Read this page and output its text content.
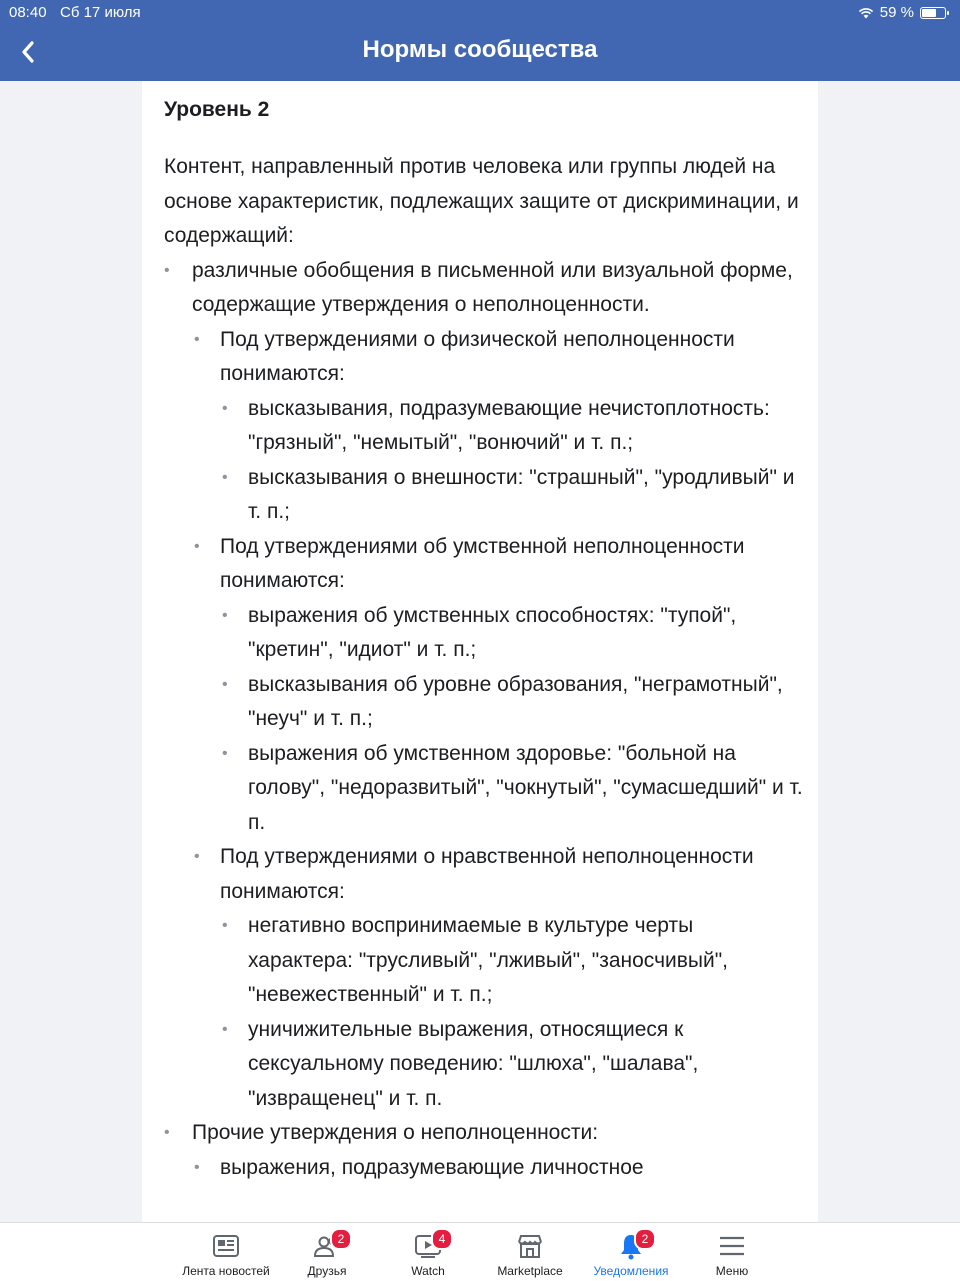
08:40 Сб 17 июля	59 %
Нормы сообщества
Уровень 2

Контент, направленный против человека или группы людей на основе характеристик, подлежащих защите от дискриминации, и содержащий:

• различные обобщения в письменной или визуальной форме, содержащие утверждения о неполноценности.
• Под утверждениями о физической неполноценности понимаются:
• высказывания, подразумевающие нечистоплотность: "грязный", "немытый", "вонючий" и т. п.;
• высказывания о внешности: "страшный", "уродливый" и т. п.;
• Под утверждениями об умственной неполноценности понимаются:
• выражения об умственных способностях: "тупой", "кретин", "идиот" и т. п.;
• высказывания об уровне образования, "неграмотный", "неуч" и т. п.;
• выражения об умственном здоровье: "больной на голову", "недоразвитый", "чокнутый", "сумасшедший" и т. п.
• Под утверждениями о нравственной неполноценности понимаются:
• негативно воспринимаемые в культуре черты характера: "трусливый", "лживый", "заносчивый", "невежественный" и т. п.;
• уничижительные выражения, относящиеся к сексуальному поведению: "шлюха", "шалава", "извращенец" и т. п.
• Прочие утверждения о неполноценности:
• выражения, подразумевающие личностное
Лента новостей
2
Друзья
4
Watch	Marketplace
2
Уведомления	Меню
